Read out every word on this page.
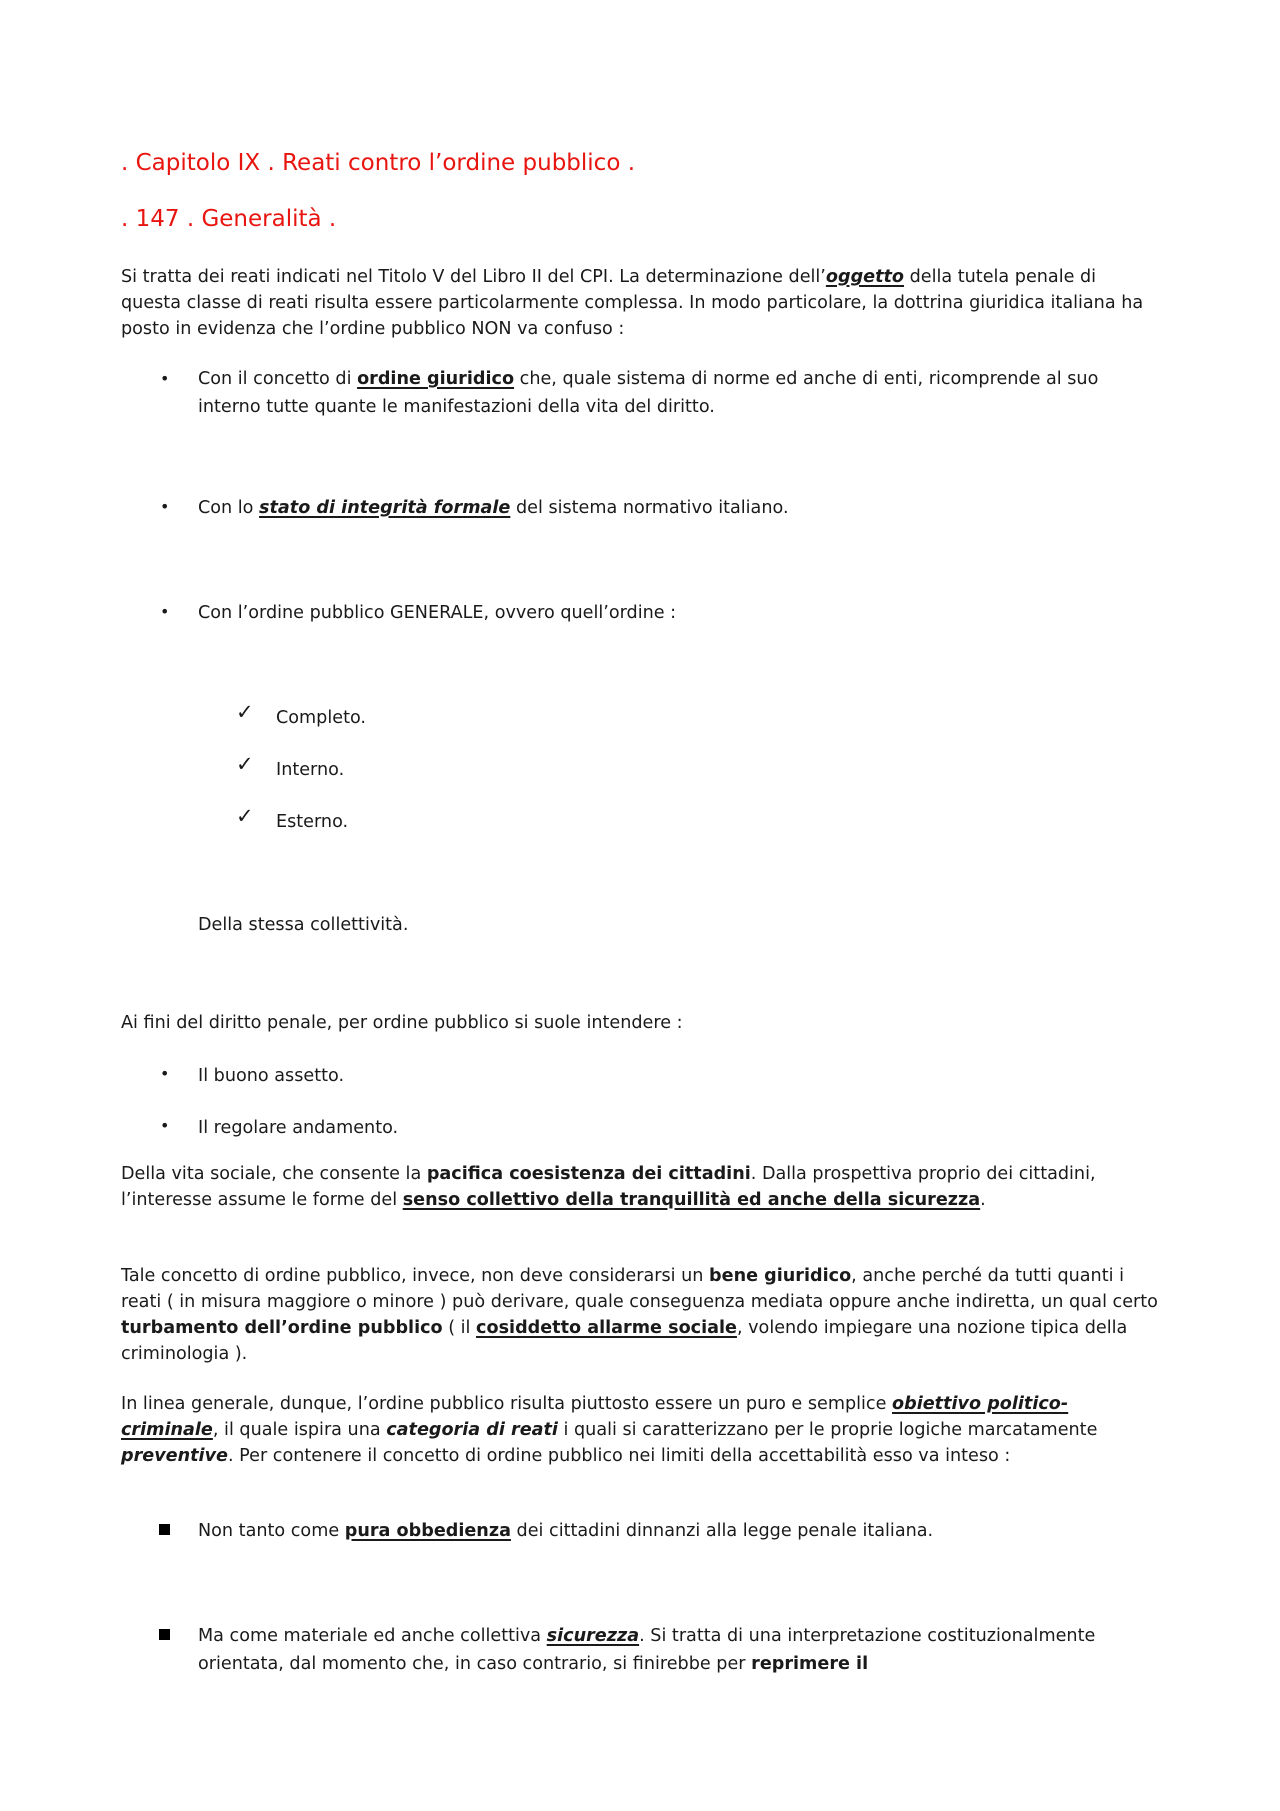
. Capitolo IX . Reati contro l’ordine pubblico .
. 147 . Generalità .
Si tratta dei reati indicati nel Titolo V del Libro II del CPI. La determinazione dell’oggetto della tutela penale di questa classe di reati risulta essere particolarmente complessa. In modo particolare, la dottrina giuridica italiana ha posto in evidenza che l’ordine pubblico NON va confuso :
• Con il concetto di ordine giuridico che, quale sistema di norme ed anche di enti, ricomprende al suo interno tutte quante le manifestazioni della vita del diritto.
• Con lo stato di integrità formale del sistema normativo italiano.
• Con l’ordine pubblico GENERALE, ovvero quell’ordine :
✓ Completo.
✓ Interno.
✓ Esterno.
Della stessa collettività.
Ai fini del diritto penale, per ordine pubblico si suole intendere :
• Il buono assetto.
• Il regolare andamento.
Della vita sociale, che consente la pacifica coesistenza dei cittadini. Dalla prospettiva proprio dei cittadini, l’interesse assume le forme del senso collettivo della tranquillità ed anche della sicurezza.
Tale concetto di ordine pubblico, invece, non deve considerarsi un bene giuridico, anche perché da tutti quanti i reati ( in misura maggiore o minore ) può derivare, quale conseguenza mediata oppure anche indiretta, un qual certo turbamento dell’ordine pubblico ( il cosiddetto allarme sociale, volendo impiegare una nozione tipica della criminologia ).
In linea generale, dunque, l’ordine pubblico risulta piuttosto essere un puro e semplice obiettivo politico-criminale, il quale ispira una categoria di reati i quali si caratterizzano per le proprie logiche marcatamente preventive. Per contenere il concetto di ordine pubblico nei limiti della accettabilità esso va inteso :
Non tanto come pura obbedienza dei cittadini dinnanzi alla legge penale italiana.
Ma come materiale ed anche collettiva sicurezza. Si tratta di una interpretazione costituzionalmente orientata, dal momento che, in caso contrario, si finirebbe per reprimere il
